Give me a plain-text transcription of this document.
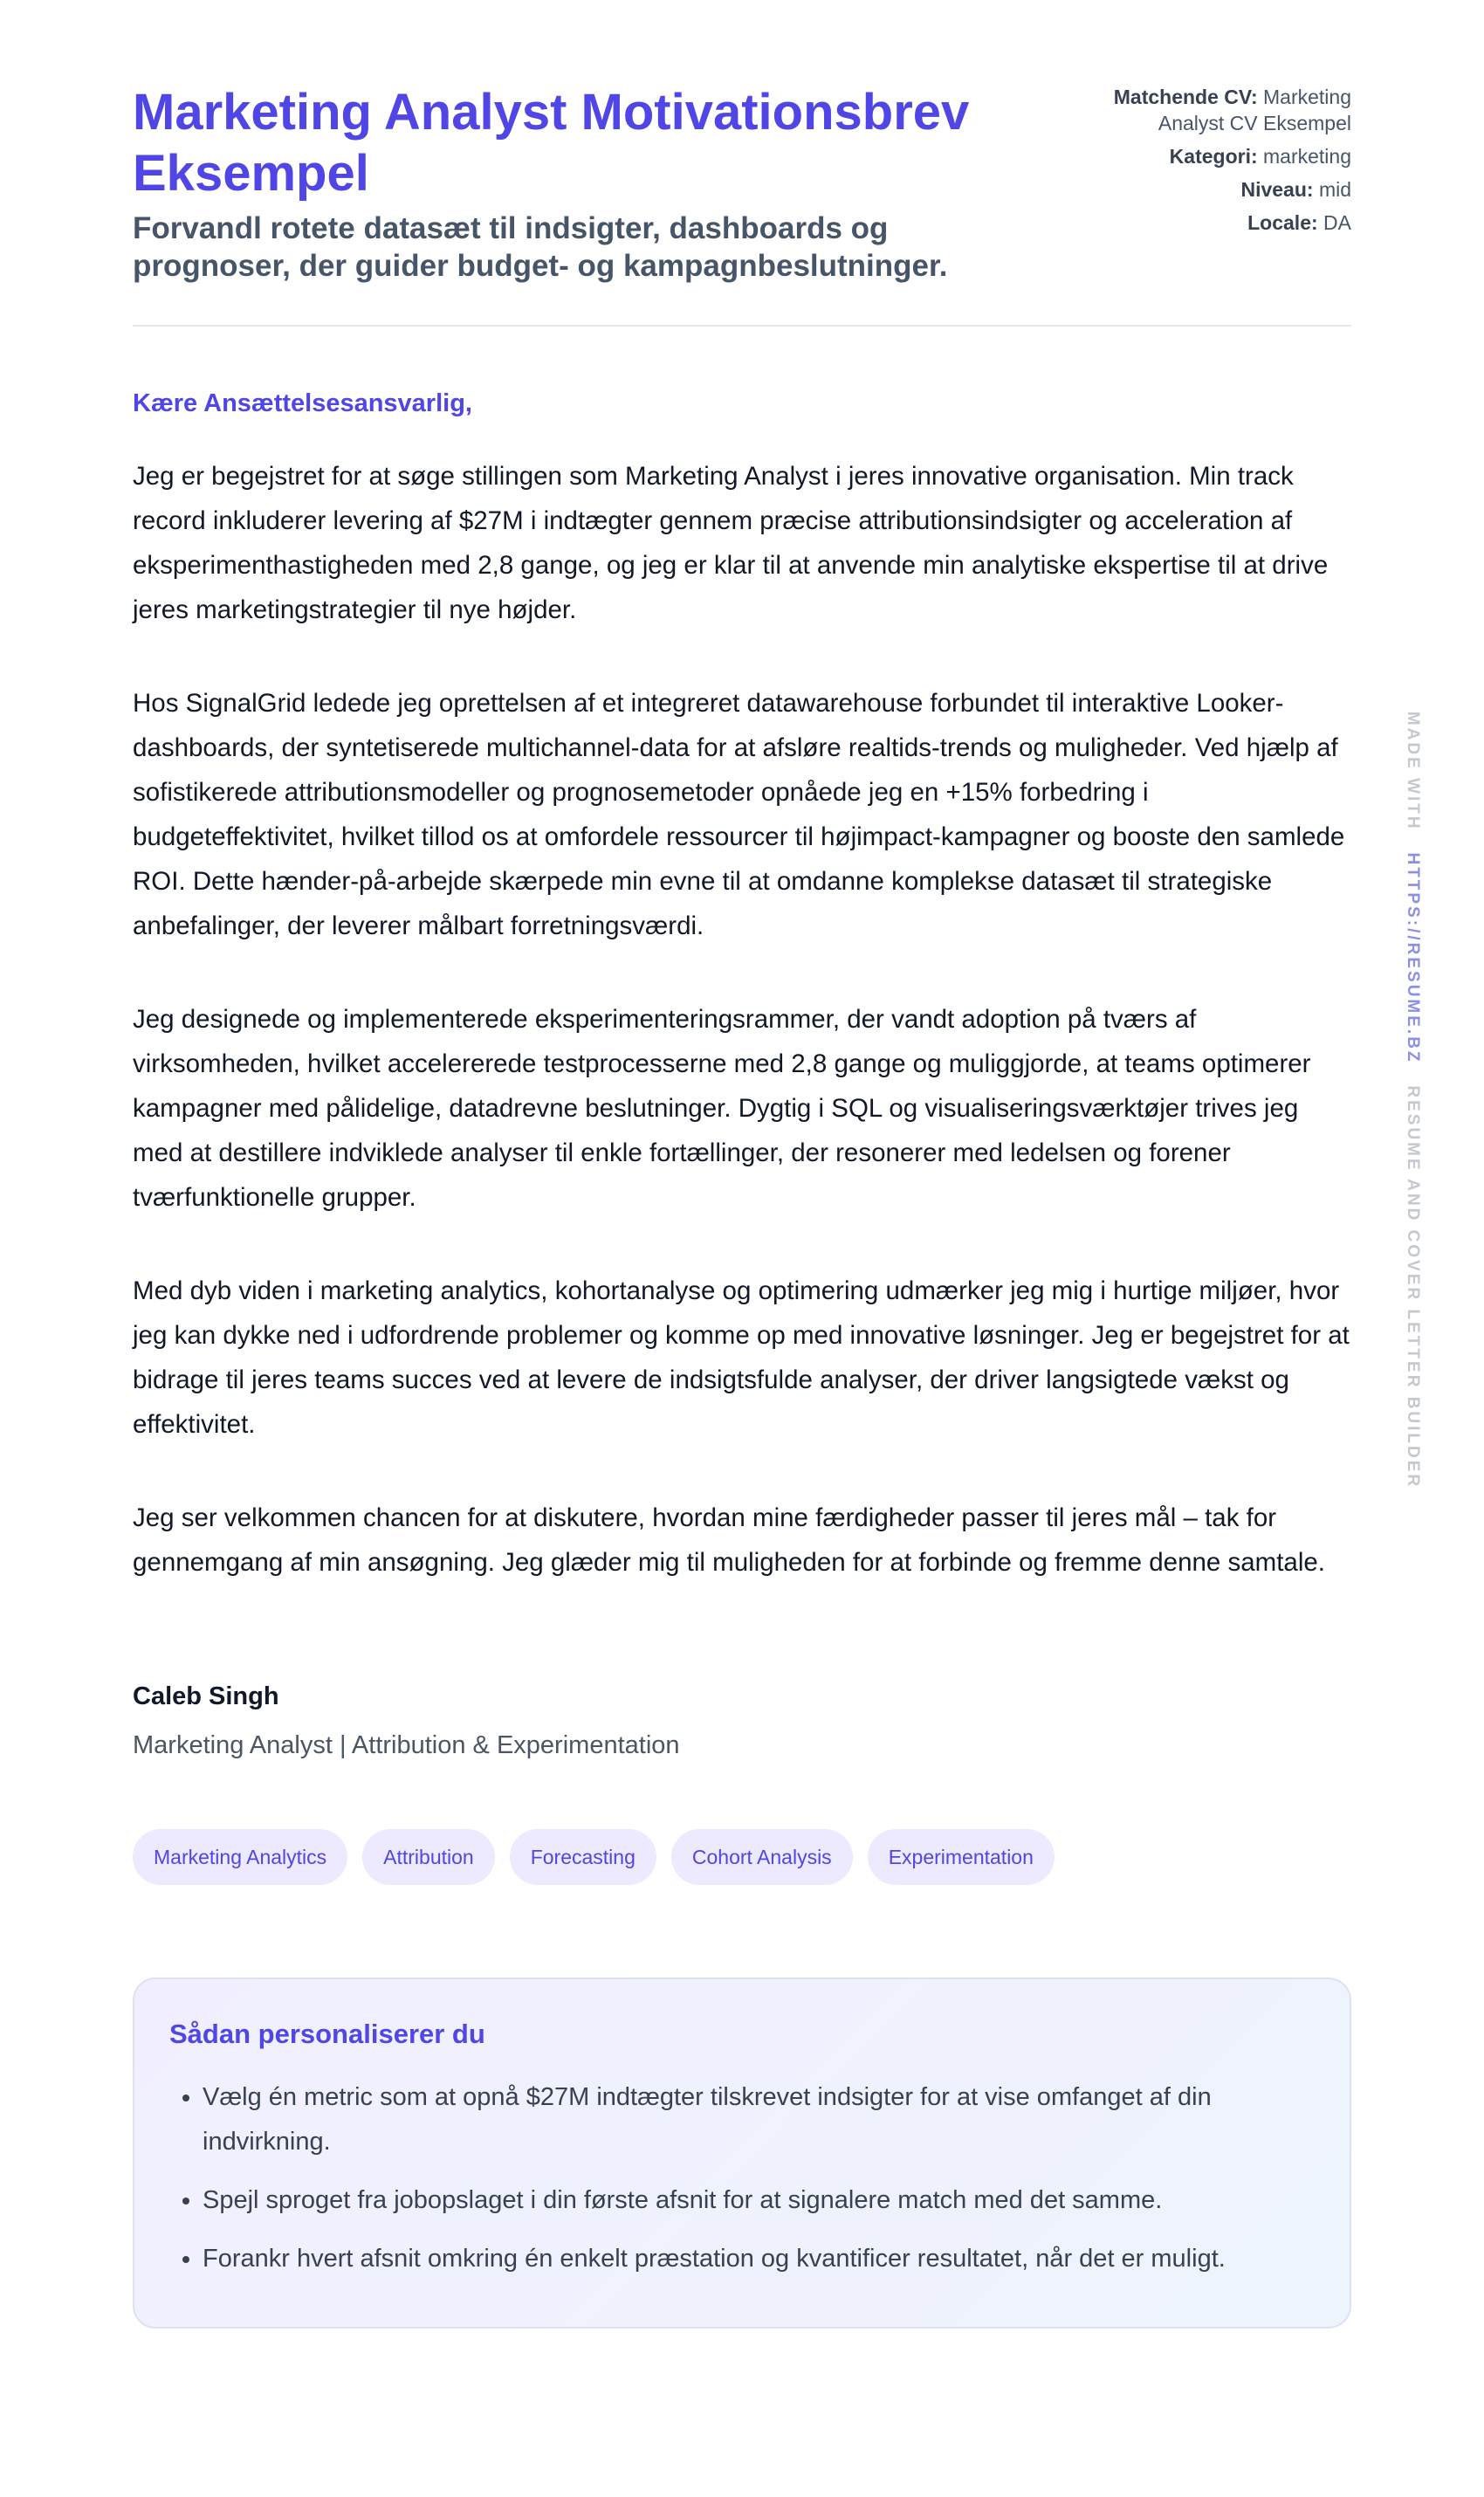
Marketing Analyst Motivationsbrev Eksempel

Forvandl rotete datasæt til indsigter, dashboards og prognoser, der guider budget- og kampagnbeslutninger.

Matchende CV: Marketing Analyst CV Eksempel
Kategori: marketing
Niveau: mid
Locale: DA

Kære Ansættelsesansvarlig,

Jeg er begejstret for at søge stillingen som Marketing Analyst i jeres innovative organisation. Min track record inkluderer levering af $27M i indtægter gennem præcise attributionsindsigter og acceleration af eksperimenthastigheden med 2,8 gange, og jeg er klar til at anvende min analytiske ekspertise til at drive jeres marketingstrategier til nye højder.

Hos SignalGrid ledede jeg oprettelsen af et integreret datawarehouse forbundet til interaktive Looker-dashboards, der syntetiserede multichannel-data for at afsløre realtids-trends og muligheder. Ved hjælp af sofistikerede attributionsmodeller og prognosemetoder opnåede jeg en +15% forbedring i budgeteffektivitet, hvilket tillod os at omfordele ressourcer til højimpact-kampagner og booste den samlede ROI. Dette hænder-på-arbejde skærpede min evne til at omdanne komplekse datasæt til strategiske anbefalinger, der leverer målbart forretningsværdi.

Jeg designede og implementerede eksperimenteringsrammer, der vandt adoption på tværs af virksomheden, hvilket accelererede testprocesserne med 2,8 gange og muliggjorde, at teams optimerer kampagner med pålidelige, datadrevne beslutninger. Dygtig i SQL og visualiseringsværktøjer trives jeg med at destillere indviklede analyser til enkle fortællinger, der resonerer med ledelsen og forener tværfunktionelle grupper.

Med dyb viden i marketing analytics, kohortanalyse og optimering udmærker jeg mig i hurtige miljøer, hvor jeg kan dykke ned i udfordrende problemer og komme op med innovative løsninger. Jeg er begejstret for at bidrage til jeres teams succes ved at levere de indsigtsfulde analyser, der driver langsigtede vækst og effektivitet.

Jeg ser velkommen chancen for at diskutere, hvordan mine færdigheder passer til jeres mål – tak for gennemgang af min ansøgning. Jeg glæder mig til muligheden for at forbinde og fremme denne samtale.

Caleb Singh
Marketing Analyst | Attribution & Experimentation
Marketing Analytics	Attribution	Forecasting	Cohort Analysis	Experimentation
Sådan personaliserer du
• Vælg én metric som at opnå $27M indtægter tilskrevet indsigter for at vise omfanget af din indvirkning.
• Spejl sproget fra jobopslaget i din første afsnit for at signalere match med det samme.
• Forankr hvert afsnit omkring én enkelt præstation og kvantificer resultatet, når det er muligt.
MADE WITH   HTTPS://RESUME.BZ   RESUME AND COVER LETTER BUILDER
